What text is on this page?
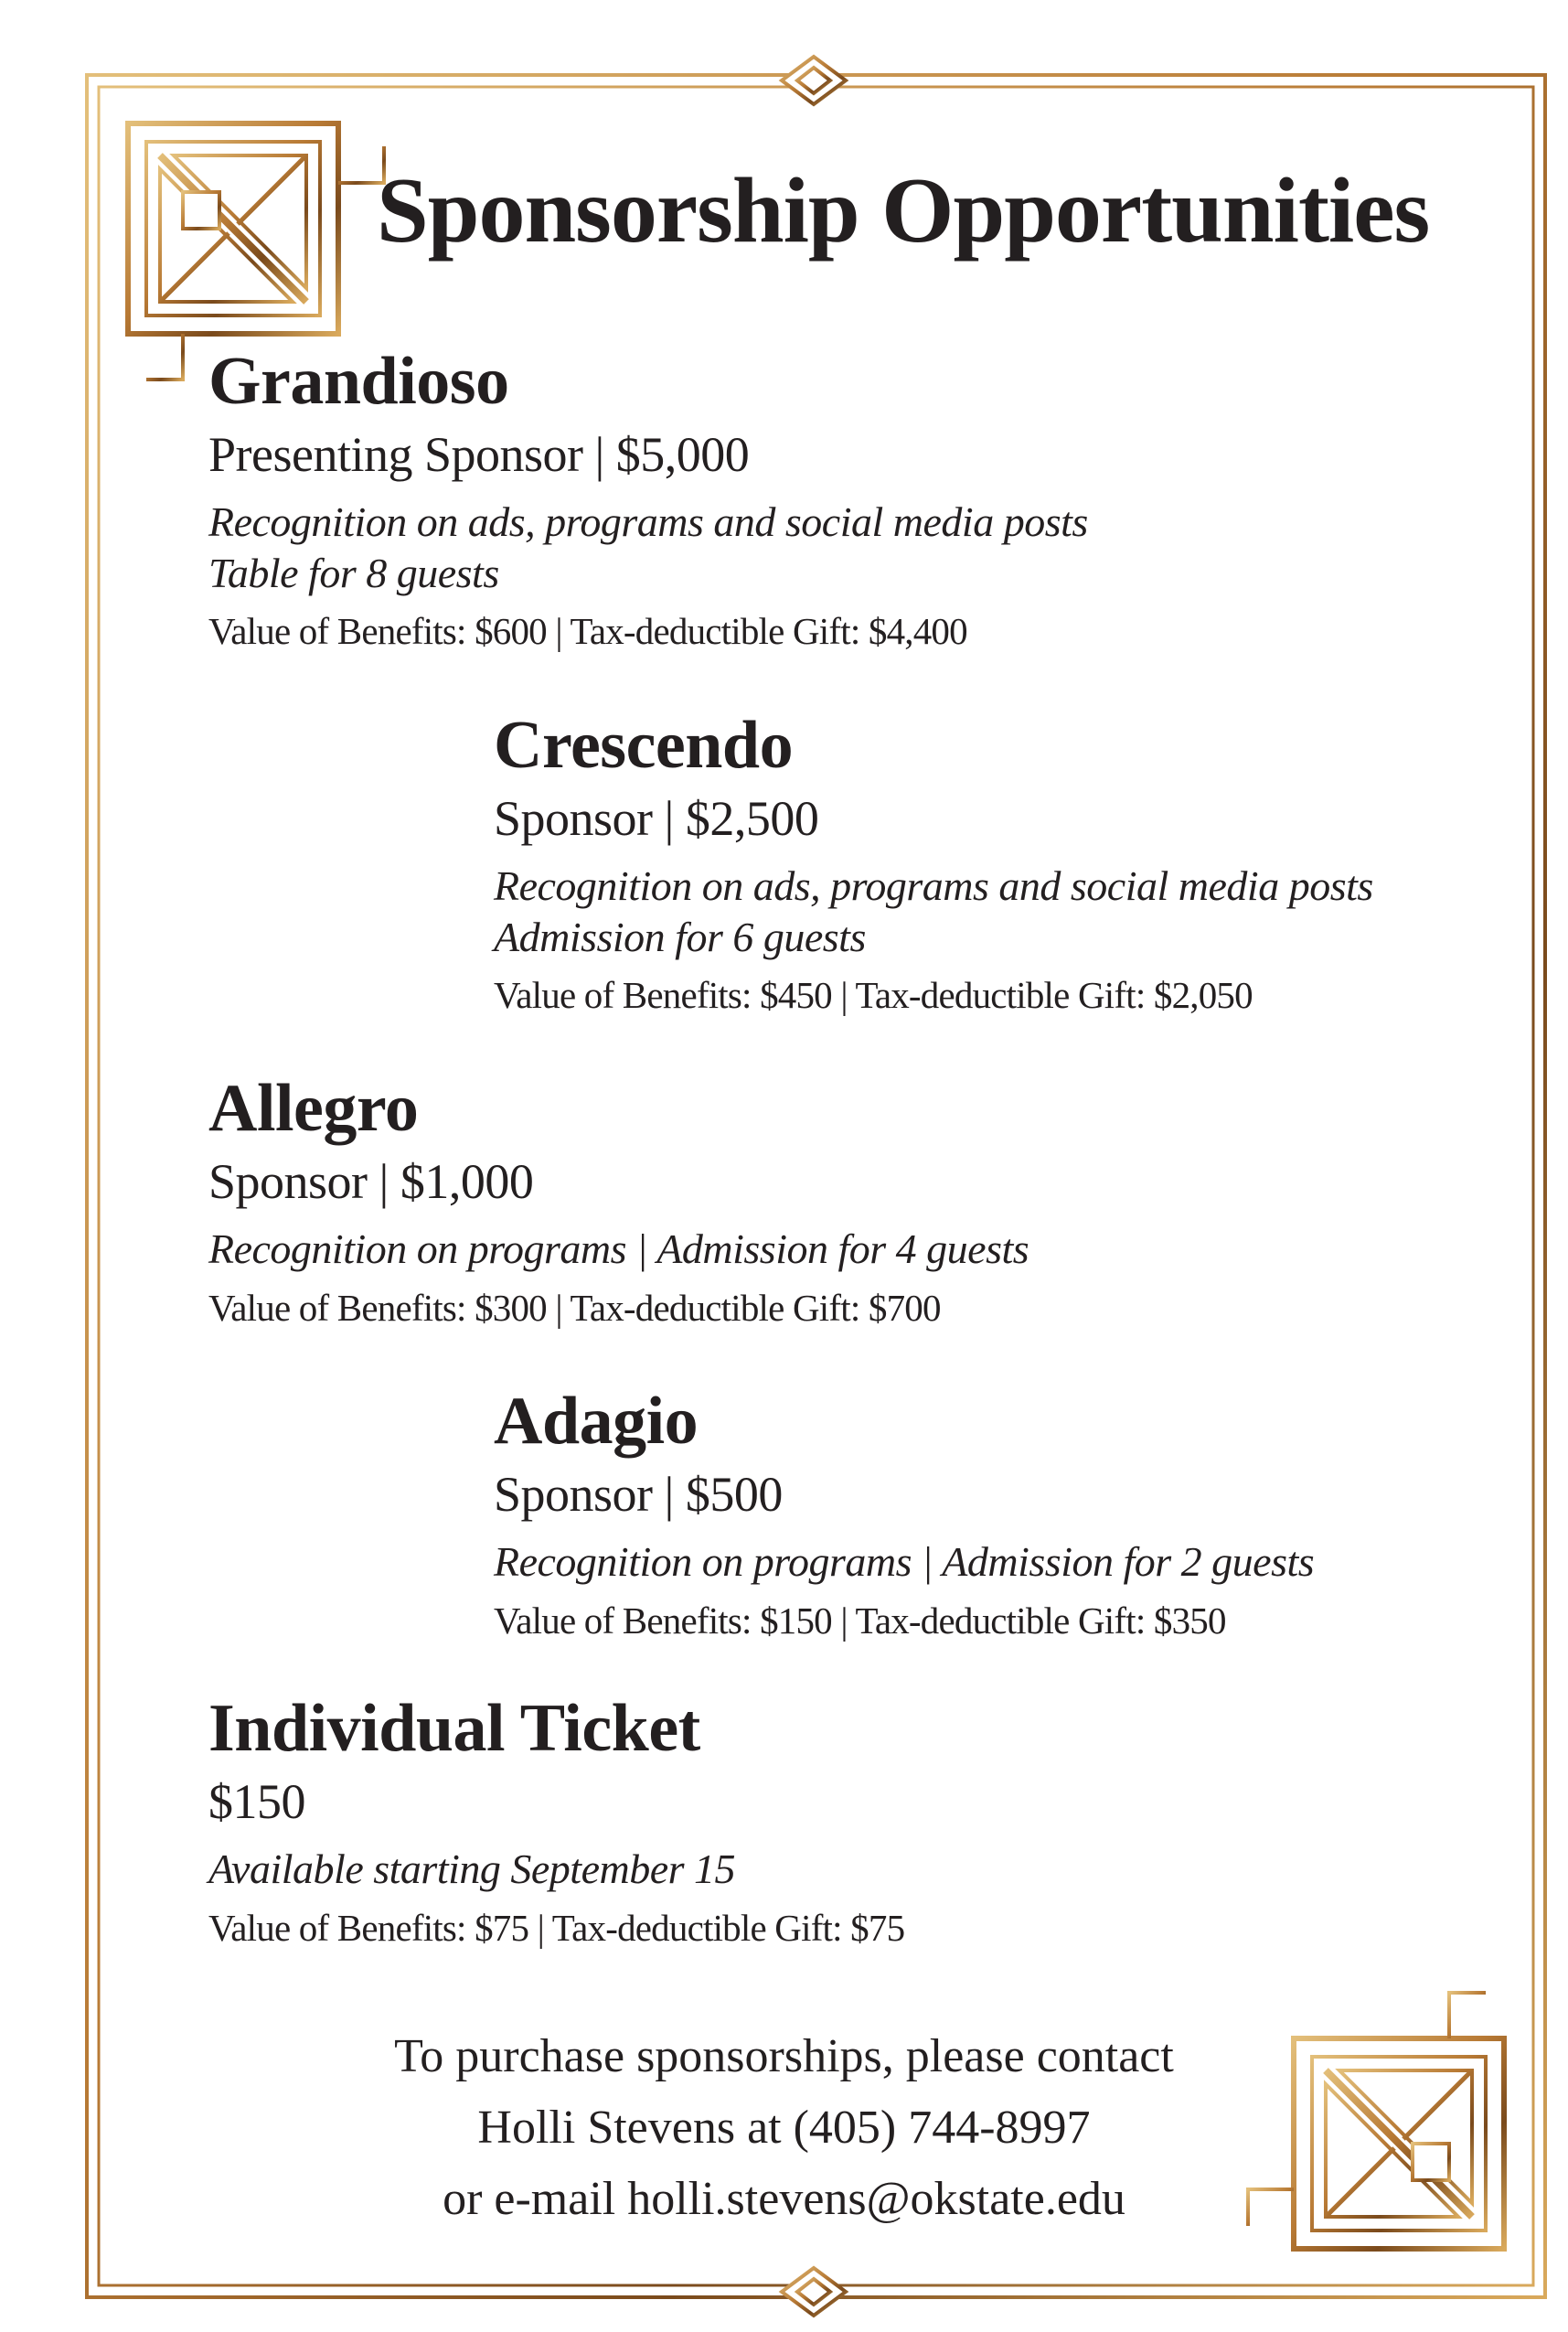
Sponsorship Opportunities
Grandioso
Presenting Sponsor | $5,000
Recognition on ads, programs and social media posts
Table for 8 guests
Value of Benefits: $600 | Tax-deductible Gift: $4,400
Crescendo
Sponsor | $2,500
Recognition on ads, programs and social media posts
Admission for 6 guests
Value of Benefits: $450 | Tax-deductible Gift: $2,050
Allegro
Sponsor | $1,000
Recognition on programs | Admission for 4 guests
Value of Benefits: $300 | Tax-deductible Gift: $700
Adagio
Sponsor | $500
Recognition on programs | Admission for 2 guests
Value of Benefits: $150 | Tax-deductible Gift: $350
Individual Ticket
$150
Available starting September 15
Value of Benefits: $75 | Tax-deductible Gift: $75
To purchase sponsorships, please contact
Holli Stevens at (405) 744-8997
or e-mail holli.stevens@okstate.edu
